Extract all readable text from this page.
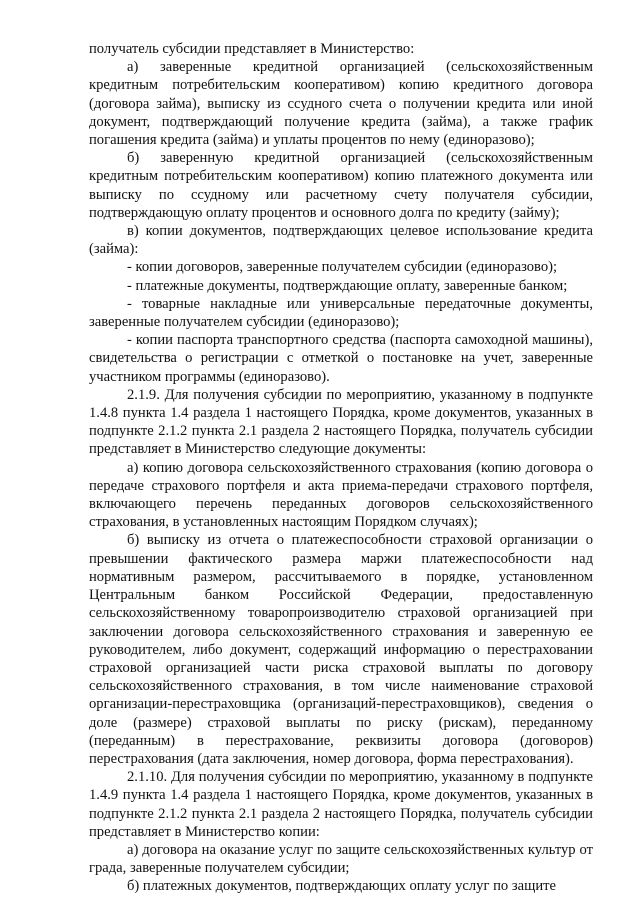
получатель субсидии представляет в Министерство:

а) заверенные кредитной организацией (сельскохозяйственным кредитным потребительским кооперативом) копию кредитного договора (договора займа), выписку из ссудного счета о получении кредита или иной документ, подтверждающий получение кредита (займа), а также график погашения кредита (займа) и уплаты процентов по нему (единоразово);

б) заверенную кредитной организацией (сельскохозяйственным кредитным потребительским кооперативом) копию платежного документа или выписку по ссудному или расчетному счету получателя субсидии, подтверждающую оплату процентов и основного долга по кредиту (займу);

в) копии документов, подтверждающих целевое использование кредита (займа):

- копии договоров, заверенные получателем субсидии (единоразово);

- платежные документы, подтверждающие оплату, заверенные банком;

- товарные накладные или универсальные передаточные документы, заверенные получателем субсидии (единоразово);

- копии паспорта транспортного средства (паспорта самоходной машины), свидетельства о регистрации с отметкой о постановке на учет, заверенные участником программы (единоразово).

2.1.9. Для получения субсидии по мероприятию, указанному в подпункте 1.4.8 пункта 1.4 раздела 1 настоящего Порядка, кроме документов, указанных в подпункте 2.1.2 пункта 2.1 раздела 2 настоящего Порядка, получатель субсидии представляет в Министерство следующие документы:

а) копию договора сельскохозяйственного страхования (копию договора о передаче страхового портфеля и акта приема-передачи страхового портфеля, включающего перечень переданных договоров сельскохозяйственного страхования, в установленных настоящим Порядком случаях);

б) выписку из отчета о платежеспособности страховой организации о превышении фактического размера маржи платежеспособности над нормативным размером, рассчитываемого в порядке, установленном Центральным банком Российской Федерации, предоставленную сельскохозяйственному товаропроизводителю страховой организацией при заключении договора сельскохозяйственного страхования и заверенную ее руководителем, либо документ, содержащий информацию о перестраховании страховой организацией части риска страховой выплаты по договору сельскохозяйственного страхования, в том числе наименование страховой организации-перестраховщика (организаций-перестраховщиков), сведения о доле (размере) страховой выплаты по риску (рискам), переданному (переданным) в перестрахование, реквизиты договора (договоров) перестрахования (дата заключения, номер договора, форма перестрахования).

2.1.10. Для получения субсидии по мероприятию, указанному в подпункте 1.4.9 пункта 1.4 раздела 1 настоящего Порядка, кроме документов, указанных в подпункте 2.1.2 пункта 2.1 раздела 2 настоящего Порядка, получатель субсидии представляет в Министерство копии:

а) договора на оказание услуг по защите сельскохозяйственных культур от града, заверенные получателем субсидии;

б) платежных документов, подтверждающих оплату услуг по защите
